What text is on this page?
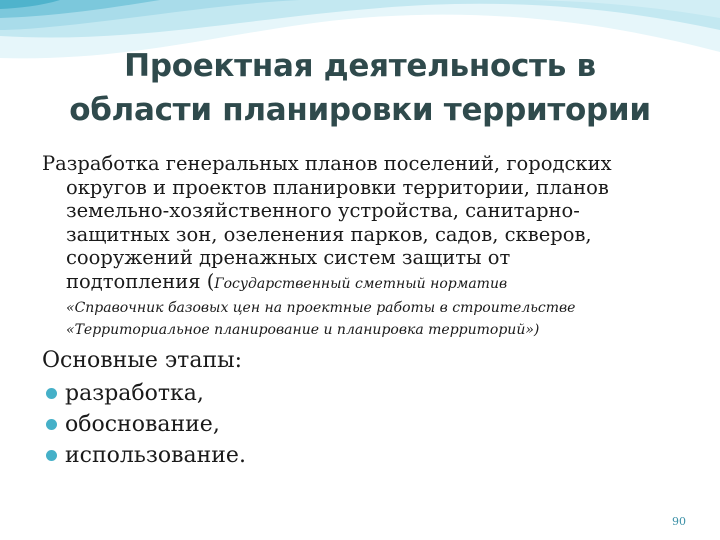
Проектная деятельность в
области планировки территории

Разработка генеральных планов поселений, городских
округов и проектов планировки территории, планов
земельно-хозяйственного устройства, санитарно-
защитных зон, озеленения парков, садов, скверов,
сооружений дренажных систем защиты от
подтопления (Государственный сметный норматив

«Справочник базовых цен на проектные работы в строительстве
«Территориальное планирование и планировка территорий»)
Основные этапы:
разработка,
обоснование,
использование.
90
